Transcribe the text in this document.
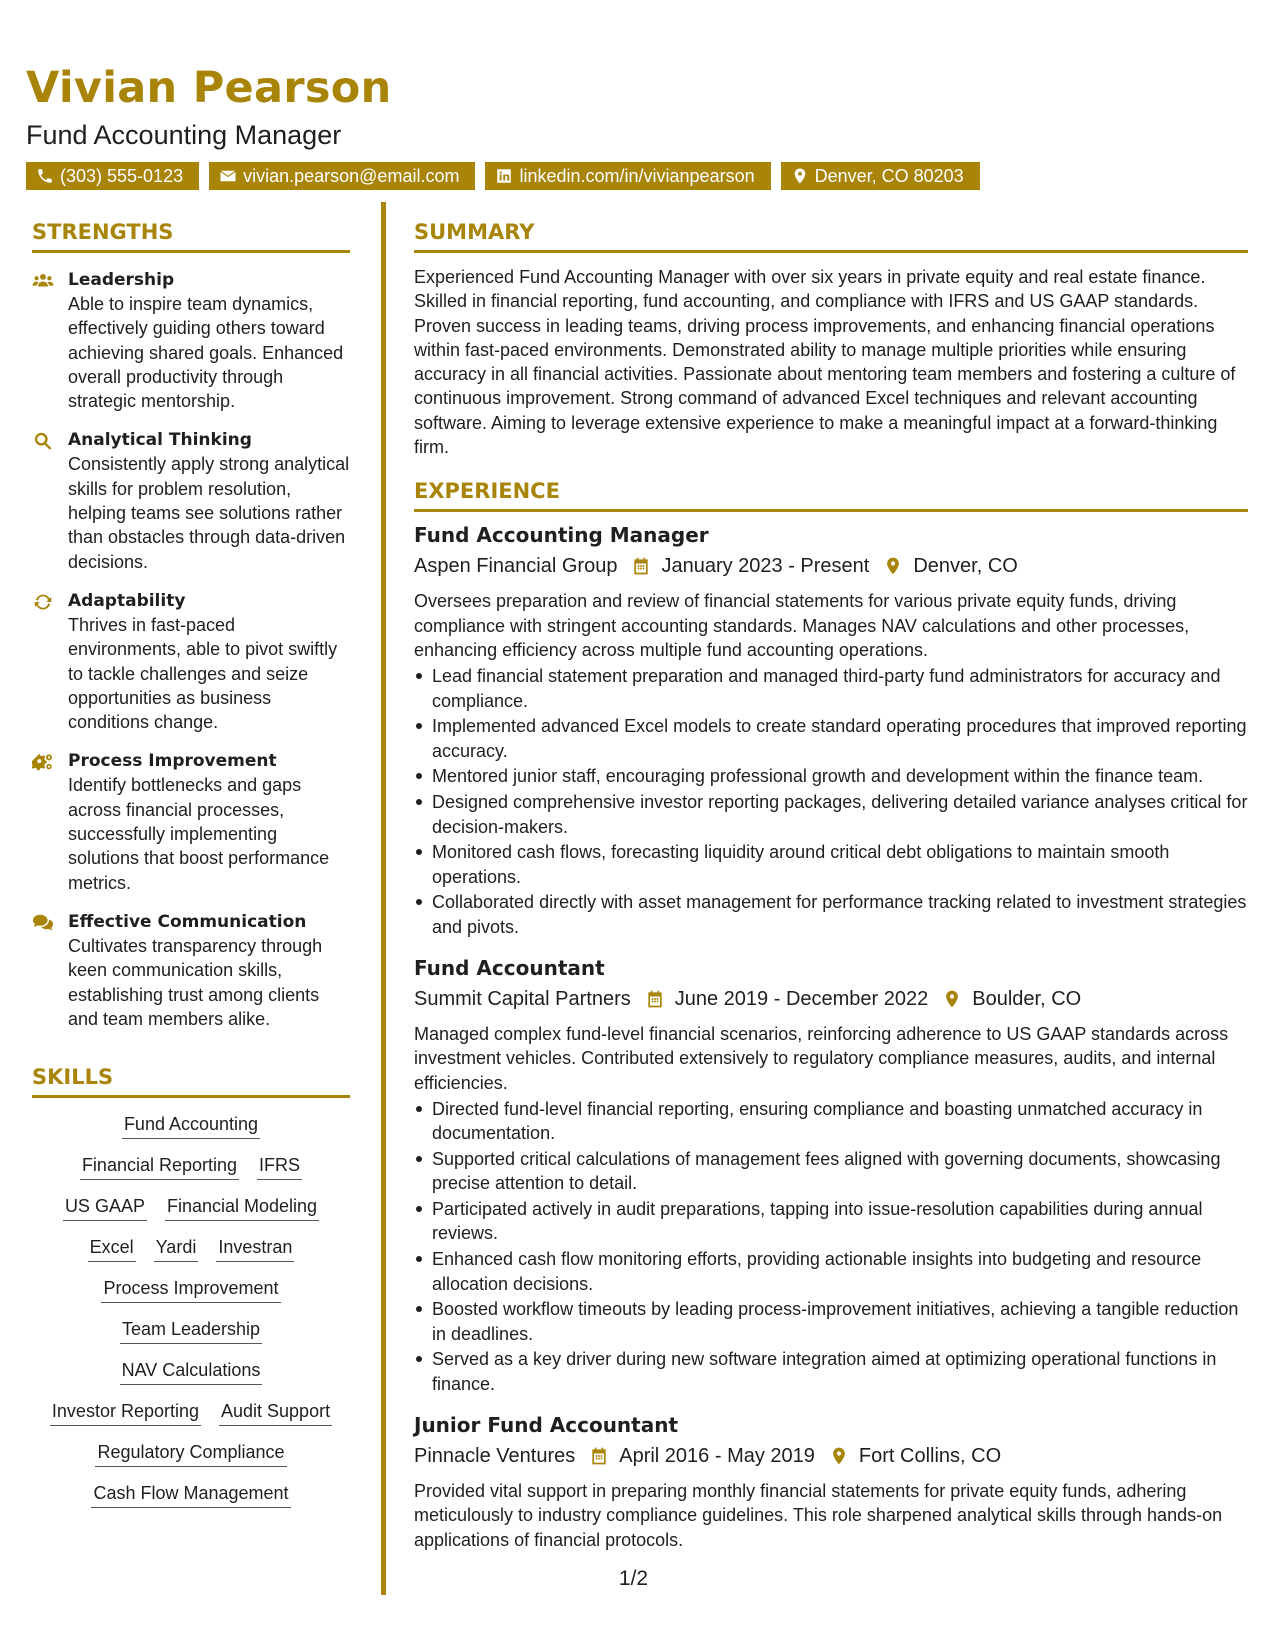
Vivian Pearson
Fund Accounting Manager
(303) 555-0123	vivian.pearson@email.com	linkedin.com/in/vivianpearson	Denver, CO 80203
STRENGTHS
Leadership
Able to inspire team dynamics, effectively guiding others toward achieving shared goals. Enhanced overall productivity through strategic mentorship.
Analytical Thinking
Consistently apply strong analytical skills for problem resolution, helping teams see solutions rather than obstacles through data-driven decisions.
Adaptability
Thrives in fast-paced environments, able to pivot swiftly to tackle challenges and seize opportunities as business conditions change.
Process Improvement
Identify bottlenecks and gaps across financial processes, successfully implementing solutions that boost performance metrics.
Effective Communication
Cultivates transparency through keen communication skills, establishing trust among clients and team members alike.
SKILLS
Fund Accounting
Financial Reporting IFRS
US GAAP Financial Modeling
Excel Yardi Investran
Process Improvement
Team Leadership
NAV Calculations
Investor Reporting Audit Support
Regulatory Compliance
Cash Flow Management
SUMMARY
Experienced Fund Accounting Manager with over six years in private equity and real estate finance. Skilled in financial reporting, fund accounting, and compliance with IFRS and US GAAP standards. Proven success in leading teams, driving process improvements, and enhancing financial operations within fast-paced environments. Demonstrated ability to manage multiple priorities while ensuring accuracy in all financial activities. Passionate about mentoring team members and fostering a culture of continuous improvement. Strong command of advanced Excel techniques and relevant accounting software. Aiming to leverage extensive experience to make a meaningful impact at a forward-thinking firm.
EXPERIENCE
Fund Accounting Manager
Aspen Financial Group January 2023 - Present Denver, CO
Oversees preparation and review of financial statements for various private equity funds, driving compliance with stringent accounting standards. Manages NAV calculations and other processes, enhancing efficiency across multiple fund accounting operations.
Lead financial statement preparation and managed third-party fund administrators for accuracy and compliance.
Implemented advanced Excel models to create standard operating procedures that improved reporting accuracy.
Mentored junior staff, encouraging professional growth and development within the finance team.
Designed comprehensive investor reporting packages, delivering detailed variance analyses critical for decision-makers.
Monitored cash flows, forecasting liquidity around critical debt obligations to maintain smooth operations.
Collaborated directly with asset management for performance tracking related to investment strategies and pivots.
Fund Accountant
Summit Capital Partners June 2019 - December 2022 Boulder, CO
Managed complex fund-level financial scenarios, reinforcing adherence to US GAAP standards across investment vehicles. Contributed extensively to regulatory compliance measures, audits, and internal efficiencies.
Directed fund-level financial reporting, ensuring compliance and boasting unmatched accuracy in documentation.
Supported critical calculations of management fees aligned with governing documents, showcasing precise attention to detail.
Participated actively in audit preparations, tapping into issue-resolution capabilities during annual reviews.
Enhanced cash flow monitoring efforts, providing actionable insights into budgeting and resource allocation decisions.
Boosted workflow timeouts by leading process-improvement initiatives, achieving a tangible reduction in deadlines.
Served as a key driver during new software integration aimed at optimizing operational functions in finance.
Junior Fund Accountant
Pinnacle Ventures April 2016 - May 2019 Fort Collins, CO
Provided vital support in preparing monthly financial statements for private equity funds, adhering meticulously to industry compliance guidelines. This role sharpened analytical skills through hands-on applications of financial protocols.
1/2
